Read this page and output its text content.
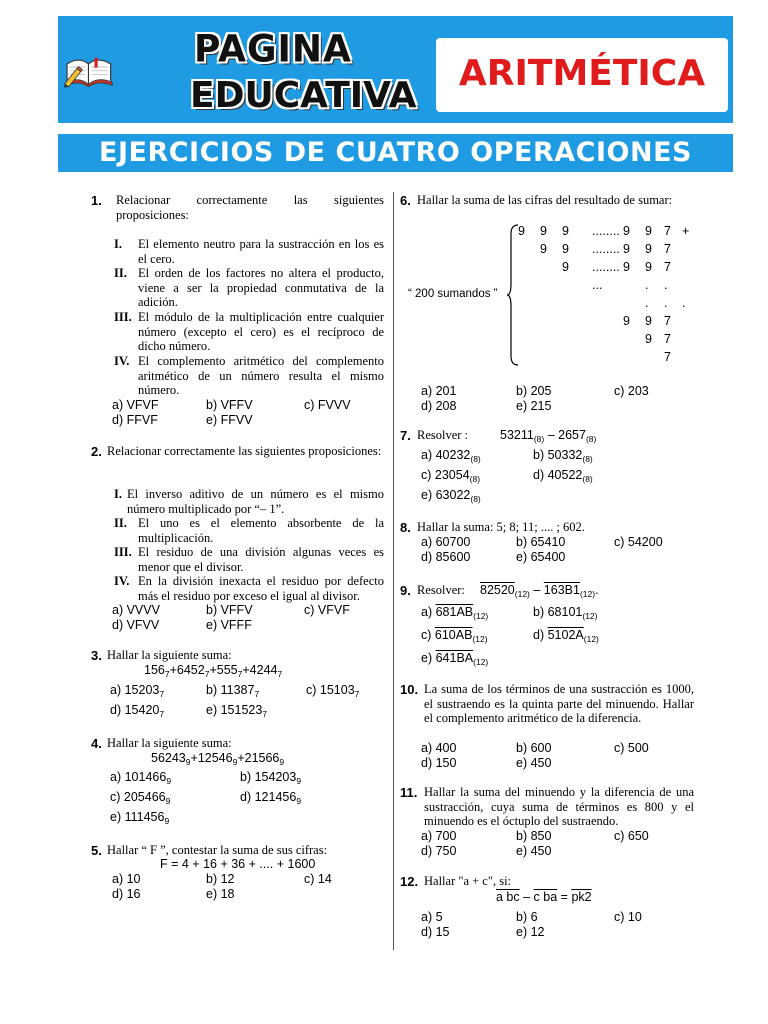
PAGINA
EDUCATIVA
ARITMÉTICA
EJERCICIOS DE CUATRO OPERACIONES
1. Relacionar correctamente las siguientes proposiciones:
I. El elemento neutro para la sustracción en los es el cero.
II. El orden de los factores no altera el producto, viene a ser la propiedad conmutativa de la adición.
III. El módulo de la multiplicación entre cualquier número (excepto el cero) es el recíproco de dicho número.
IV. El complemento aritmético del complemento aritmético de un número resulta el mismo número.
a) VFVF	b) VFFV	c) FVVV
d) FFVF	e) FFVV
2. Relacionar correctamente las siguientes proposiciones:
I. El inverso aditivo de un número es el mismo número multiplicado por “– 1”.
II. El uno es el elemento absorbente de la multiplicación.
III. El residuo de una división algunas veces es menor que el divisor.
IV. En la división inexacta el residuo por defecto más el residuo por exceso el igual al divisor.
a) VVVV	b) VFFV	c) VFVF
d) VFVV	e) VFFF
3. Hallar la siguiente suma:
$156_7+6452_7+555_7+4244_7$
a) $15203_7$	b) $11387_7$	c) $15103_7$
d) $15420_7$	e) $151523_7$
4. Hallar la siguiente suma:
$56243_9+12546_9+21566_9$
a) $101466_9$	b) $154203_9$
c) $205466_9$	d) $121456_9$
e) $111456_9$
5. Hallar “ F ”, contestar la suma de sus cifras:
F = 4 + 16 + 36 + .... + 1600
a) 10	b) 12	c) 14
d) 16	e) 18
6. Hallar la suma de las cifras del resultado de sumar:
“ 200 sumandos ”
9 9 9 ........ 9 9 7 +
9 9 ........ 9 9 7
9 ........ 9 9 7
...	. .
. . .
9 9 7
9 7
7
a) 201	b) 205	c) 203
d) 208	e) 215
7. Resolver :	$53211_{(8)} - 2657_{(8)}$
a) $40232_{(8)}$	b) $50332_{(8)}$
c) $23054_{(8)}$	d) $40522_{(8)}$
e) $63022_{(8)}$
8. Hallar la suma: 5; 8; 11; .... ; 602.
a) 60700	b) 65410	c) 54200
d) 85600	e) 65400
9. Resolver: $82520_{(12)} - 163B1_{(12)}$.
a) $681AB_{(12)}$	b) $68101_{(12)}$
c) $610AB_{(12)}$	d) $5102A_{(12)}$
e) $641BA_{(12)}$
10. La suma de los términos de una sustracción es 1000, el sustraendo es la quinta parte del minuendo. Hallar el complemento aritmético de la diferencia.
a) 400	b) 600	c) 500
d) 150	e) 450
11. Hallar la suma del minuendo y la diferencia de una sustracción, cuya suma de términos es 800 y el minuendo es el óctuplo del sustraendo.
a) 700	b) 850	c) 650
d) 750	e) 450
12. Hallar "a + c", si:
a bc – c ba = pk2
a) 5	b) 6	c) 10
d) 15	e) 12
